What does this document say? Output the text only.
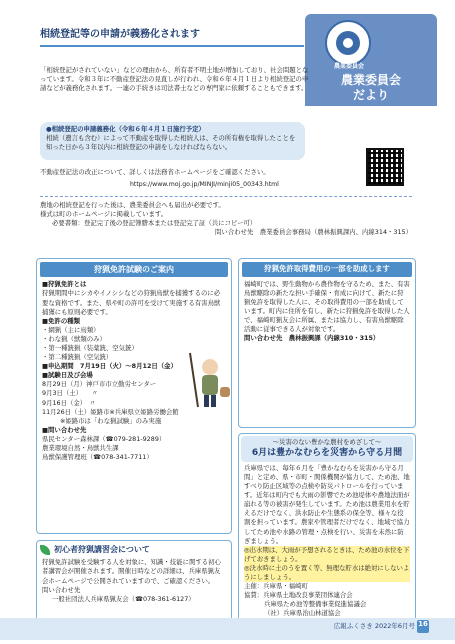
相続登記等の申請が義務化されます
農業委員会
農業委員会
だより
「相続登記がされていない」などの理由から、所有者不明土地が増加しており、社会問題となっています。令和３年に不動産登記法の見直しが行われ、令和６年４月１日より相続登記の申請などが義務化されます。一連の手続きは司法書士などの専門家に依頼することもできます。
●相続登記の申請義務化（令和６年４月１日施行予定）
相続（遺言も含む）によって不動産を取得した相続人は、その所有権を取得したことを知った日から３年以内に相続登記の申請をしなければならない。
不動産登記法の改正について、詳しくは法務省ホームページをご確認ください。
https://www.moj.go.jp/MINJI/minji05_00343.html
農地の相続登記を行った後は、農業委員会へも届出が必要です。
様式は町のホームページに掲載しています。
必要書類：登記完了後の登記簿謄本または登記完了証（共にコピー可）
問い合わせ先　農業委員会事務局（農林振興課内、内線314・315）
狩猟免許試験のご案内
■狩猟免許とは
狩猟期間中にシカやイノシシなどの狩猟鳥獣を捕獲するのに必要な資格です。また、県や町の許可を受けて実施する有害鳥獣捕獲にも原則必要です。
■免許の種類
・網猟（主に鳥類）
・わな猟（獣類のみ）
・第一種銃猟（装薬銃、空気銃）
・第二種銃猟（空気銃）
■申込期間　7月19日（火）〜8月12日（金）
■試験日及び会場
8月29日（月）神戸市市立勤労センター
9月3日（土）　　〃
9月16日（金）　〃
11月26日（土）姫路市※兵庫県立姫路労働会館
※姫路市は「わな猟試験」のみ実施
■問い合わせ先
県民センター森林課（☎079-281-9289）
農業環境自然・鳥獣共生課
鳥獣保護管理班（☎078-341-7711）
初心者狩猟講習会について
狩猟免許試験を受験する人を対象に、知識・技能に関する初心者講習会が開催されます。開催日時などの詳細は、兵庫県猟友会ホームページで公開されていますので、ご確認ください。
問い合わせ先
一般社団法人兵庫県猟友会（☎078-361-6127）
狩猟免許取得費用の一部を助成します
福崎町では、野生動物から農作物を守るため、また、有害鳥獣駆除の新たな担い手確保・育成に向けて、新たに狩猟免許を取得した人に、その取得費用の一部を助成しています。町内に住所を有し、新たに狩猟免許を取得した人で、福崎町猟友会に所属、または協力し、有害鳥獣駆除活動に従事できる人が対象です。
問い合わせ先　農林振興課（内線310・315）
〜災害のない豊かな農村をめざして〜
6月は豊かなむらを災害から守る月間
兵庫県では、毎年６月を「豊かなむらを災害から守る月間」と定め、県・市町・関係機関が協力して、ため池、地すべり防止区域等の点検や防災パトロールを行っています。近年は町内でも大雨の影響でため池堤体や農地法面が崩れる等の被害が発生しています。ため池は農業用水を貯えるだけでなく、洪水防止や生態系の保全等、様々な役割を担っています。農家や管理者だけでなく、地域で協力してため池や水路の管理・点検を行い、災害を未然に防ぎましょう。
◎出水期は、大雨が予想されるときは、ため池の水位を下げておきましょう。
◎決水時に土のうを置く等、無理な貯水は絶対にしないようにしましょう。
主催：兵庫県・福崎町
協賛：兵庫県土地改良事業団体連合会
兵庫県ため池等整備事業促進協議会
（社）兵庫県治山林道協会
広報ふくさき 2022年6月号 16
